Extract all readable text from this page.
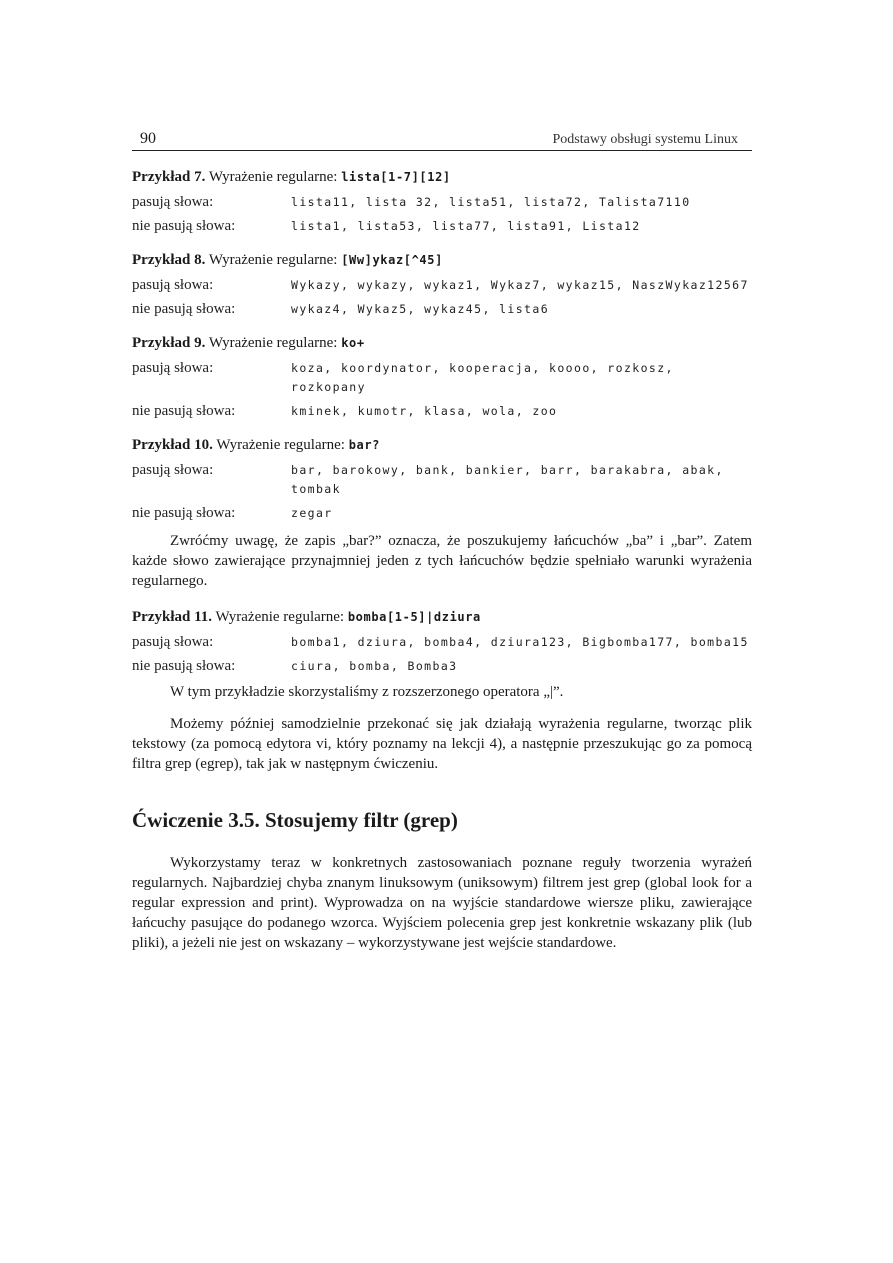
90	Podstawy obsługi systemu Linux
Przykład 7. Wyrażenie regularne: lista[1-7][12]
pasują słowa:	lista11, lista 32, lista51, lista72, Talista7110
nie pasują słowa:	lista1, lista53, lista77, lista91, Lista12
Przykład 8. Wyrażenie regularne: [Ww]ykaz[^45]
pasują słowa:	Wykazy, wykazy, wykaz1, Wykaz7, wykaz15, NaszWykaz12567
nie pasują słowa:	wykaz4, Wykaz5, wykaz45, lista6
Przykład 9. Wyrażenie regularne: ko+
pasują słowa:	koza, koordynator, kooperacja, koooo, rozkosz, rozkopany
nie pasują słowa:	kminek, kumotr, klasa, wola, zoo
Przykład 10. Wyrażenie regularne: bar?
pasują słowa:	bar, barokowy, bank, bankier, barr, barakabra, abak, tombak
nie pasują słowa:	zegar

Zwróćmy uwagę, że zapis „bar?” oznacza, że poszukujemy łańcuchów „ba” i „bar”. Zatem każde słowo zawierające przynajmniej jeden z tych łańcuchów będzie spełniało warunki wyrażenia regularnego.

Przykład 11. Wyrażenie regularne: bomba[1-5]|dziura
pasują słowa:	bomba1, dziura, bomba4, dziura123, Bigbomba177, bomba15
nie pasują słowa:	ciura, bomba, Bomba3
W tym przykładzie skorzystaliśmy z rozszerzonego operatora „|”.

Możemy później samodzielnie przekonać się jak działają wyrażenia regularne, tworząc plik tekstowy (za pomocą edytora vi, który poznamy na lekcji 4), a następnie przeszukując go za pomocą filtra grep (egrep), tak jak w następnym ćwiczeniu.

Ćwiczenie 3.5. Stosujemy filtr (grep)

Wykorzystamy teraz w konkretnych zastosowaniach poznane reguły tworzenia wyrażeń regularnych. Najbardziej chyba znanym linuksowym (uniksowym) filtrem jest grep (global look for a regular expression and print). Wyprowadza on na wyjście standardowe wiersze pliku, zawierające łańcuchy pasujące do podanego wzorca. Wyjściem polecenia grep jest konkretnie wskazany plik (lub pliki), a jeżeli nie jest on wskazany – wykorzystywane jest wejście standardowe.
